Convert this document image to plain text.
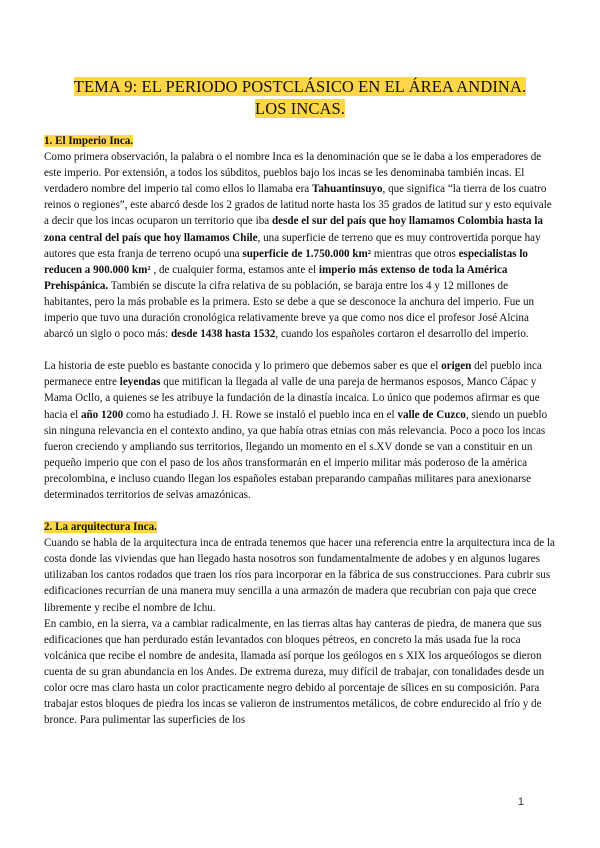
TEMA 9: EL PERIODO POSTCLÁSICO EN EL ÁREA ANDINA.
LOS INCAS.

1. El Imperio Inca.

Como primera observación, la palabra o el nombre Inca es la denominación que se le daba a los emperadores de este imperio. Por extensión, a todos los súbditos, pueblos bajo los incas se les denominaba también incas. El verdadero nombre del imperio tal como ellos lo llamaba era Tahuantinsuyo, que significa “la tierra de los cuatro reinos o regiones”, este abarcó desde los 2 grados de latitud norte hasta los 35 grados de latitud sur y esto equivale a decir que los incas ocuparon un territorio que iba desde el sur del país que hoy llamamos Colombia hasta la zona central del país que hoy llamamos Chile, una superficie de terreno que es muy controvertida porque hay autores que esta franja de terreno ocupó una superficie de 1.750.000 km² mientras que otros especialistas lo reducen a 900.000 km² , de cualquier forma, estamos ante el imperio más extenso de toda la América Prehispánica. También se discute la cifra relativa de su población, se baraja entre los 4 y 12 millones de habitantes, pero la más probable es la primera. Esto se debe a que se desconoce la anchura del imperio. Fue un imperio que tuvo una duración cronológica relativamente breve ya que como nos dice el profesor José Alcina abarcó un siglo o poco más: desde 1438 hasta 1532, cuando los españoles cortaron el desarrollo del imperio.

La historia de este pueblo es bastante conocida y lo primero que debemos saber es que el origen del pueblo inca permanece entre leyendas que mitifican la llegada al valle de una pareja de hermanos esposos, Manco Cápac y Mama Ocllo, a quienes se les atribuye la fundación de la dinastía incaica. Lo único que podemos afirmar es que hacia el año 1200 como ha estudiado J. H. Rowe se instaló el pueblo inca en el valle de Cuzco, siendo un pueblo sin ninguna relevancia en el contexto andino, ya que había otras etnias con más relevancia. Poco a poco los incas fueron creciendo y ampliando sus territorios, llegando un momento en el s.XV donde se van a constituir en un pequeño imperio que con el paso de los años transformarán en el imperio militar más poderoso de la américa precolombina, e incluso cuando llegan los españoles estaban preparando campañas militares para anexionarse determinados territorios de selvas amazónicas.

2. La arquitectura Inca.

Cuando se habla de la arquitectura inca de entrada tenemos que hacer una referencia entre la arquitectura inca de la costa donde las viviendas que han llegado hasta nosotros son fundamentalmente de adobes y en algunos lugares utilizaban los cantos rodados que traen los ríos para incorporar en la fábrica de sus construcciones. Para cubrir sus edificaciones recurrían de una manera muy sencilla a una armazón de madera que recubrían con paja que crece libremente y recibe el nombre de Ichu.

En cambio, en la sierra, va a cambiar radicalmente, en las tierras altas hay canteras de piedra, de manera que sus edificaciones que han perdurado están levantados con bloques pétreos, en concreto la más usada fue la roca volcánica que recibe el nombre de andesita, llamada así porque los geólogos en s XIX los arqueólogos se dieron cuenta de su gran abundancia en los Andes. De extrema dureza, muy difícil de trabajar, con tonalidades desde un color ocre mas claro hasta un color practicamente negro debido al porcentaje de sílices en su composición. Para trabajar estos bloques de piedra los incas se valieron de instrumentos metálicos, de cobre endurecido al frío y de bronce. Para pulimentar las superficies de los

1
